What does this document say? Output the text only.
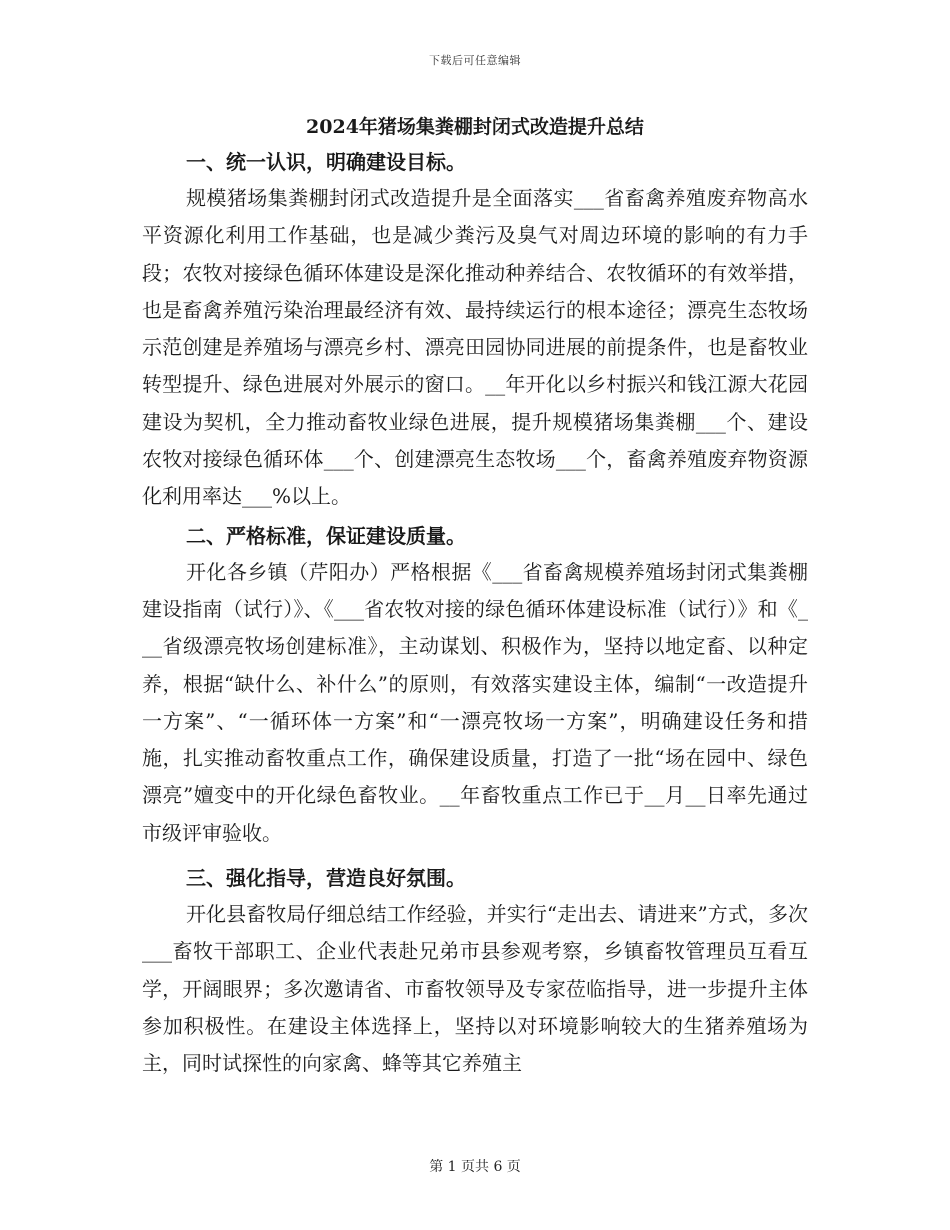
下载后可任意编辑
2024年猪场集粪棚封闭式改造提升总结
一、统一认识，明确建设目标。
规模猪场集粪棚封闭式改造提升是全面落实___省畜禽养殖废弃物高水平资源化利用工作基础，也是减少粪污及臭气对周边环境的影响的有力手段；农牧对接绿色循环体建设是深化推动种养结合、农牧循环的有效举措，也是畜禽养殖污染治理最经济有效、最持续运行的根本途径；漂亮生态牧场示范创建是养殖场与漂亮乡村、漂亮田园协同进展的前提条件，也是畜牧业转型提升、绿色进展对外展示的窗口。__年开化以乡村振兴和钱江源大花园建设为契机，全力推动畜牧业绿色进展，提升规模猪场集粪棚___个、建设农牧对接绿色循环体___个、创建漂亮生态牧场___个，畜禽养殖废弃物资源化利用率达___%以上。
二、严格标准，保证建设质量。
开化各乡镇（芹阳办）严格根据《___省畜禽规模养殖场封闭式集粪棚建设指南（试行）》、《___省农牧对接的绿色循环体建设标准（试行）》和《___省级漂亮牧场创建标准》，主动谋划、积极作为，坚持以地定畜、以种定养，根据“缺什么、补什么”的原则，有效落实建设主体，编制“一改造提升一方案”、“一循环体一方案”和“一漂亮牧场一方案”，明确建设任务和措施，扎实推动畜牧重点工作，确保建设质量，打造了一批“场在园中、绿色漂亮”嬗变中的开化绿色畜牧业。__年畜牧重点工作已于__月__日率先通过市级评审验收。
三、强化指导，营造良好氛围。
开化县畜牧局仔细总结工作经验，并实行“走出去、请进来”方式，多次___畜牧干部职工、企业代表赴兄弟市县参观考察，乡镇畜牧管理员互看互学，开阔眼界；多次邀请省、市畜牧领导及专家莅临指导，进一步提升主体参加积极性。在建设主体选择上，坚持以对环境影响较大的生猪养殖场为主，同时试探性的向家禽、蜂等其它养殖主
第 1 页共 6 页
